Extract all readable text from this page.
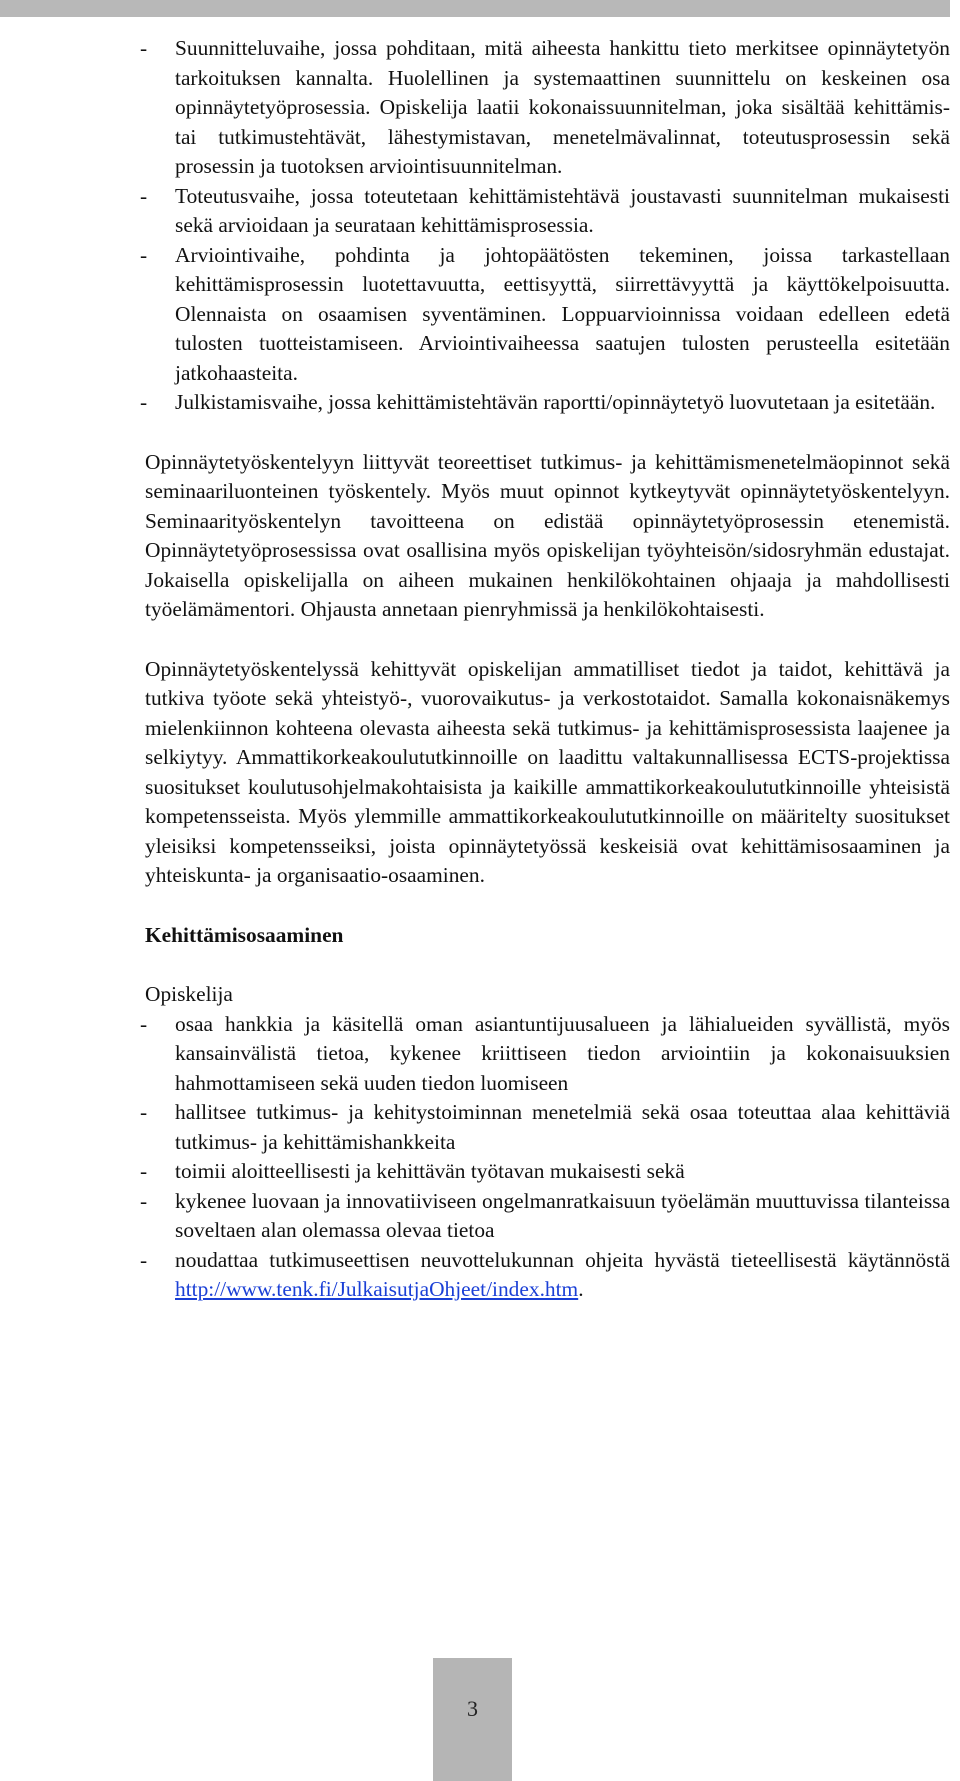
- Suunnitteluvaihe, jossa pohditaan, mitä aiheesta hankittu tieto merkitsee opinnäytetyön tarkoituksen kannalta. Huolellinen ja systemaattinen suunnittelu on keskeinen osa opinnäytetyöprosessia. Opiskelija laatii kokonaissuunnitelman, joka sisältää kehittämis- tai tutkimustehtävät, lähestymistavan, menetelmävalinnat, toteutusprosessin sekä prosessin ja tuotoksen arviointisuunnitelman.
- Toteutusvaihe, jossa toteutetaan kehittämistehtävä joustavasti suunnitelman mukaisesti sekä arvioidaan ja seurataan kehittämisprosessia.
- Arviointivaihe, pohdinta ja johtopäätösten tekeminen, joissa tarkastellaan kehittämisprosessin luotettavuutta, eettisyyttä, siirrettävyyttä ja käyttökelpoisuutta. Olennaista on osaamisen syventäminen. Loppuarvioinnissa voidaan edelleen edetä tulosten tuotteistamiseen. Arviointivaiheessa saatujen tulosten perusteella esitetään jatkohaasteita.
- Julkistamisvaihe, jossa kehittämistehtävän raportti/opinnäytetyö luovutetaan ja esitetään.

Opinnäytetyöskentelyyn liittyvät teoreettiset tutkimus- ja kehittämismenetelmäopinnot sekä seminaariluonteinen työskentely. Myös muut opinnot kytkeytyvät opinnäytetyöskentelyyn. Seminaarityöskentelyn tavoitteena on edistää opinnäytetyöprosessin etenemistä. Opinnäytetyöprosessissa ovat osallisina myös opiskelijan työyhteisön/sidosryhmän edustajat. Jokaisella opiskelijalla on aiheen mukainen henkilökohtainen ohjaaja ja mahdollisesti työelämämentori. Ohjausta annetaan pienryhmissä ja henkilökohtaisesti.

Opinnäytetyöskentelyssä kehittyvät opiskelijan ammatilliset tiedot ja taidot, kehittävä ja tutkiva työote sekä yhteistyö-, vuorovaikutus- ja verkostotaidot. Samalla kokonaisnäkemys mielenkiinnon kohteena olevasta aiheesta sekä tutkimus- ja kehittämisprosessista laajenee ja selkiytyy. Ammattikorkeakoulututkinnoille on laadittu valtakunnallisessa ECTS-projektissa suositukset koulutusohjelmakohtaisista ja kaikille ammattikorkeakoulututkinnoille yhteisistä kompetensseista. Myös ylemmille ammattikorkeakoulututkinnoille on määritelty suositukset yleisiksi kompetensseiksi, joista opinnäytetyössä keskeisiä ovat kehittämisosaaminen ja yhteiskunta- ja organisaatio-osaaminen.

Kehittämisosaaminen

Opiskelija

- osaa hankkia ja käsitellä oman asiantuntijuusalueen ja lähialueiden syvällistä, myös kansainvälistä tietoa, kykenee kriittiseen tiedon arviointiin ja kokonaisuuksien hahmottamiseen sekä uuden tiedon luomiseen
- hallitsee tutkimus- ja kehitystoiminnan menetelmiä sekä osaa toteuttaa alaa kehittäviä tutkimus- ja kehittämishankkeita
- toimii aloitteellisesti ja kehittävän työtavan mukaisesti sekä
- kykenee luovaan ja innovatiiviseen ongelmanratkaisuun työelämän muuttuvissa tilanteissa soveltaen alan olemassa olevaa tietoa
- noudattaa tutkimuseettisen neuvottelukunnan ohjeita hyvästä tieteellisestä käytännöstä http://www.tenk.fi/JulkaisutjaOhjeet/index.htm.
3
